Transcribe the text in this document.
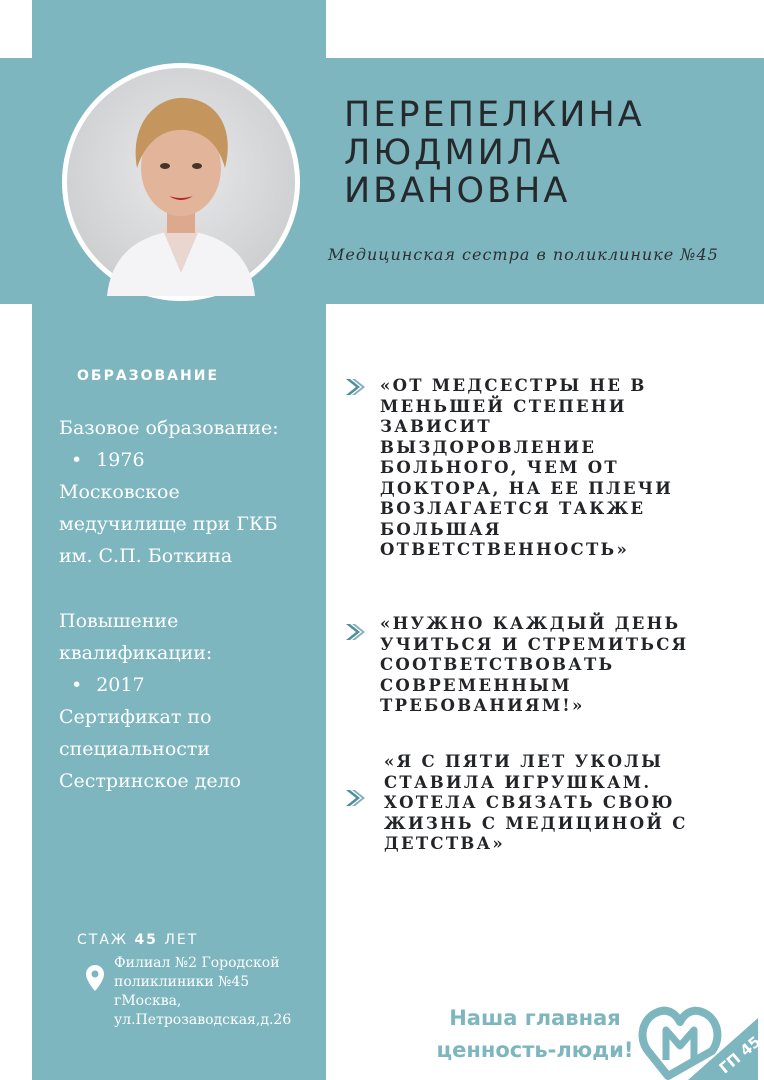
ПЕРЕПЕЛКИНА
ЛЮДМИЛА
ИВАНОВНА
Медицинская сестра в поликлинике №45
ОБРАЗОВАНИЕ
Базовое образование:
• 1976
Московское
медучилище при ГКБ
им. С.П. Боткина
Повышение
квалификации:
• 2017
Сертификат по
специальности
Сестринское дело
«ОТ МЕДСЕСТРЫ НЕ В
МЕНЬШЕЙ СТЕПЕНИ
ЗАВИСИТ
ВЫЗДОРОВЛЕНИЕ
БОЛЬНОГО, ЧЕМ ОТ
ДОКТОРА, НА ЕЕ ПЛЕЧИ
ВОЗЛАГАЕТСЯ ТАКЖЕ
БОЛЬШАЯ
ОТВЕТСТВЕННОСТЬ»
«НУЖНО КАЖДЫЙ ДЕНЬ
УЧИТЬСЯ И СТРЕМИТЬСЯ
СООТВЕТСТВОВАТЬ
СОВРЕМЕННЫМ
ТРЕБОВАНИЯМ!»
«Я С ПЯТИ ЛЕТ УКОЛЫ
СТАВИЛА ИГРУШКАМ.
ХОТЕЛА СВЯЗАТЬ СВОЮ
ЖИЗНЬ С МЕДИЦИНОЙ С
ДЕТСТВА»
СТАЖ 45 ЛЕТ
Филиал №2 Городской
поликлиники №45
гМосква,
ул.Петрозаводская,д.26	Наша главная
ценность-люди!	ГП 45
